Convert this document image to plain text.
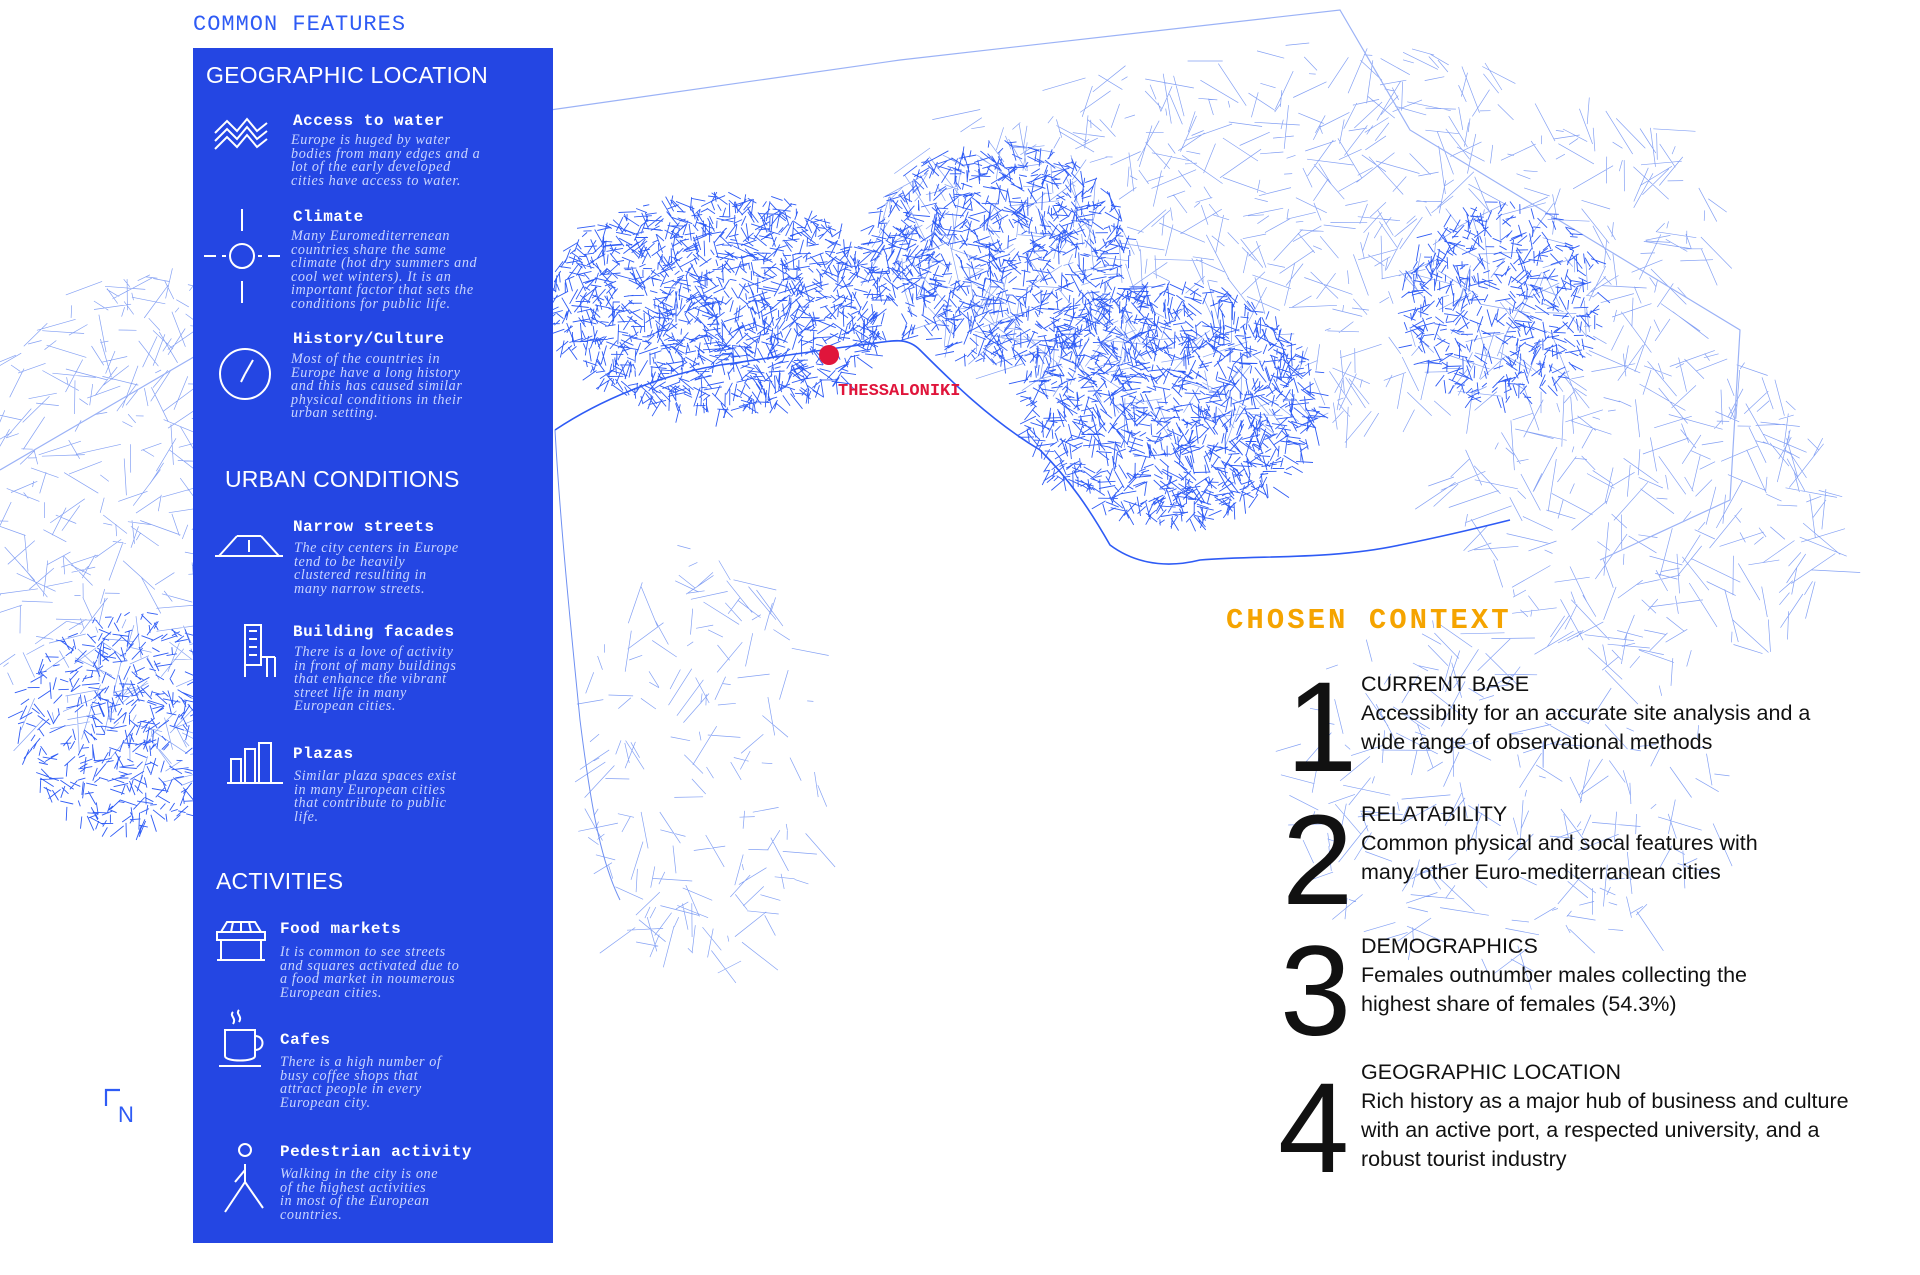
COMMON FEATURES
GEOGRAPHIC LOCATION
Access to water
Europe is huged by water
bodies from many edges and a
lot of the early developed
cities have access to water.
Climate
Many Euromediterrenean
countries share the same
climate (hot dry summers and
cool wet winters). It is an
important factor that sets the
conditions for public life.
History/Culture
Most of the countries in
Europe have a long history
and this has caused similar
physical conditions in their
urban setting.
URBAN CONDITIONS
Narrow streets
The city centers in Europe
tend to be heavily
clustered resulting in
many narrow streets.
Building facades
There is a love of activity
in front of many buildings
that enhance the vibrant
street life in many
European cities.
Plazas
Similar plaza spaces exist
in many European cities
that contribute to public
life.
ACTIVITIES
Food markets
It is common to see streets
and squares activated due to
a food market in noumerous
European cities.
Cafes
There is a high number of
busy coffee shops that
attract people in every
European city.
Pedestrian activity
Walking in the city is one
of the highest activities
in most of the European
countries.
THESSALONIKI
N
CHOSEN CONTEXT
1 CURRENT BASE
Accessibility for an accurate site analysis and a
wide range of observational methods
2 RELATABILITY
Common physical and socal features with
many other Euro-mediterranean cities
3 DEMOGRAPHICS
Females outnumber males collecting the
highest share of females (54.3%)
4 GEOGRAPHIC LOCATION
Rich history as a major hub of business and culture
with an active port, a respected university, and a
robust tourist industry
